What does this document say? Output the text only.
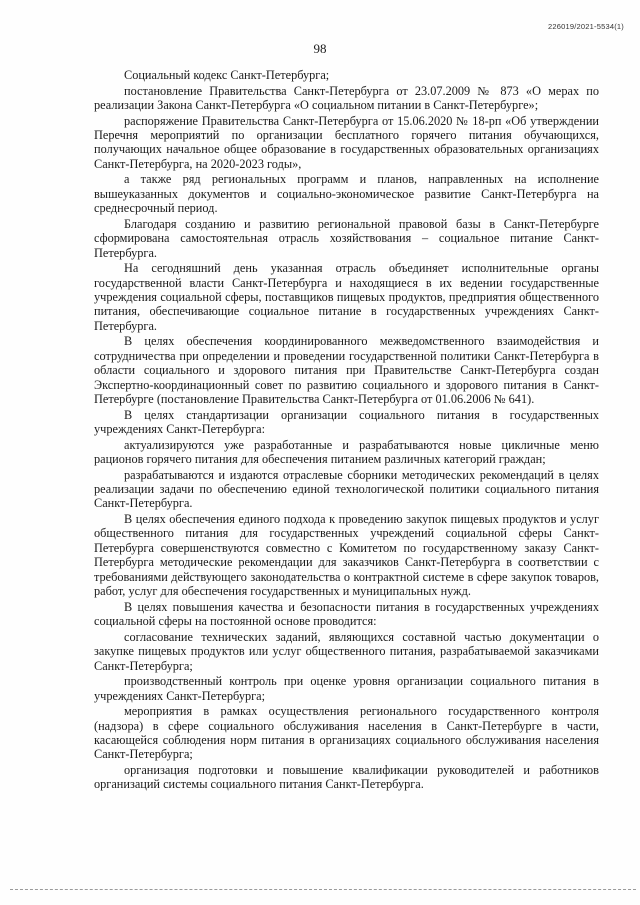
226019/2021-5534(1)
98

Социальный кодекс Санкт-Петербурга;

постановление Правительства Санкт-Петербурга от 23.07.2009 № 873 «О мерах по реализации Закона Санкт-Петербурга «О социальном питании в Санкт-Петербурге»;

распоряжение Правительства Санкт-Петербурга от 15.06.2020 № 18-рп «Об утверждении Перечня мероприятий по организации бесплатного горячего питания обучающихся, получающих начальное общее образование в государственных образовательных организациях Санкт-Петербурга, на 2020-2023 годы»,

а также ряд региональных программ и планов, направленных на исполнение вышеуказанных документов и социально-экономическое развитие Санкт-Петербурга на среднесрочный период.

Благодаря созданию и развитию региональной правовой базы в Санкт-Петербурге сформирована самостоятельная отрасль хозяйствования – социальное питание Санкт-Петербурга.

На сегодняшний день указанная отрасль объединяет исполнительные органы государственной власти Санкт-Петербурга и находящиеся в их ведении государственные учреждения социальной сферы, поставщиков пищевых продуктов, предприятия общественного питания, обеспечивающие социальное питание в государственных учреждениях Санкт-Петербурга.

В целях обеспечения координированного межведомственного взаимодействия и сотрудничества при определении и проведении государственной политики Санкт-Петербурга в области социального и здорового питания при Правительстве Санкт-Петербурга создан Экспертно-координационный совет по развитию социального и здорового питания в Санкт-Петербурге (постановление Правительства Санкт-Петербурга от 01.06.2006 № 641).

В целях стандартизации организации социального питания в государственных учреждениях Санкт-Петербурга:

актуализируются уже разработанные и разрабатываются новые цикличные меню рационов горячего питания для обеспечения питанием различных категорий граждан;

разрабатываются и издаются отраслевые сборники методических рекомендаций в целях реализации задачи по обеспечению единой технологической политики социального питания Санкт-Петербурга.

В целях обеспечения единого подхода к проведению закупок пищевых продуктов и услуг общественного питания для государственных учреждений социальной сферы Санкт-Петербурга совершенствуются совместно с Комитетом по государственному заказу Санкт-Петербурга методические рекомендации для заказчиков Санкт-Петербурга в соответствии с требованиями действующего законодательства о контрактной системе в сфере закупок товаров, работ, услуг для обеспечения государственных и муниципальных нужд.

В целях повышения качества и безопасности питания в государственных учреждениях социальной сферы на постоянной основе проводится:

согласование технических заданий, являющихся составной частью документации о закупке пищевых продуктов или услуг общественного питания, разрабатываемой заказчиками Санкт-Петербурга;

производственный контроль при оценке уровня организации социального питания в учреждениях Санкт-Петербурга;

мероприятия в рамках осуществления регионального государственного контроля (надзора) в сфере социального обслуживания населения в Санкт-Петербурге в части, касающейся соблюдения норм питания в организациях социального обслуживания населения Санкт-Петербурга;

организация подготовки и повышение квалификации руководителей и работников организаций системы социального питания Санкт-Петербурга.
